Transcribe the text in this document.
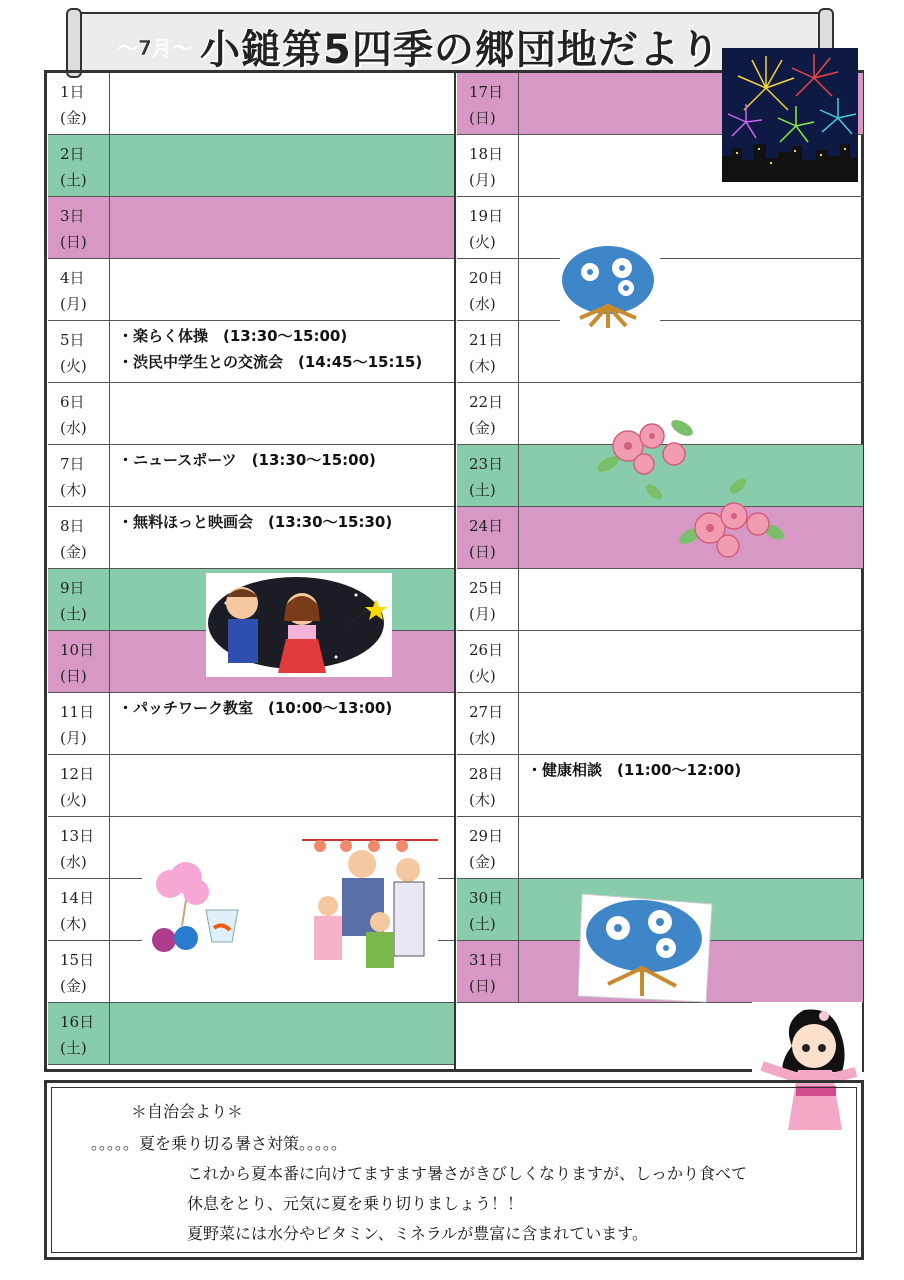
～7月～ 小鎚第5四季の郷団地だより
1日
(金)
2日
(土)
3日
(日)
4日
(月)
5日
(火)
・楽らく体操　(13:30～15:00)
・渋民中学生との交流会　(14:45～15:15)
6日
(水)
7日
(木)
・ニュースポーツ　(13:30～15:00)
8日
(金)
・無料ほっと映画会　(13:30～15:30)
9日
(土)
10日
(日)
11日
(月)
・パッチワーク教室　(10:00～13:00)
12日
(火)
13日
(水)
14日
(木)
15日
(金)
16日
(土)
17日
(日)
18日
(月)
19日
(火)
20日
(水)
21日
(木)
22日
(金)
23日
(土)
24日
(日)
25日
(月)
26日
(火)
27日
(水)
28日
(木)
・健康相談　(11:00～12:00)
29日
(金)
30日
(土)
31日
(日)
＊自治会より＊
。。。。。夏を乗り切る暑さ対策。。。。。
これから夏本番に向けてますます暑さがきびしくなりますが、しっかり食べて
休息をとり、元気に夏を乗り切りましょう！！
夏野菜には水分やビタミン、ミネラルが豊富に含まれています。
